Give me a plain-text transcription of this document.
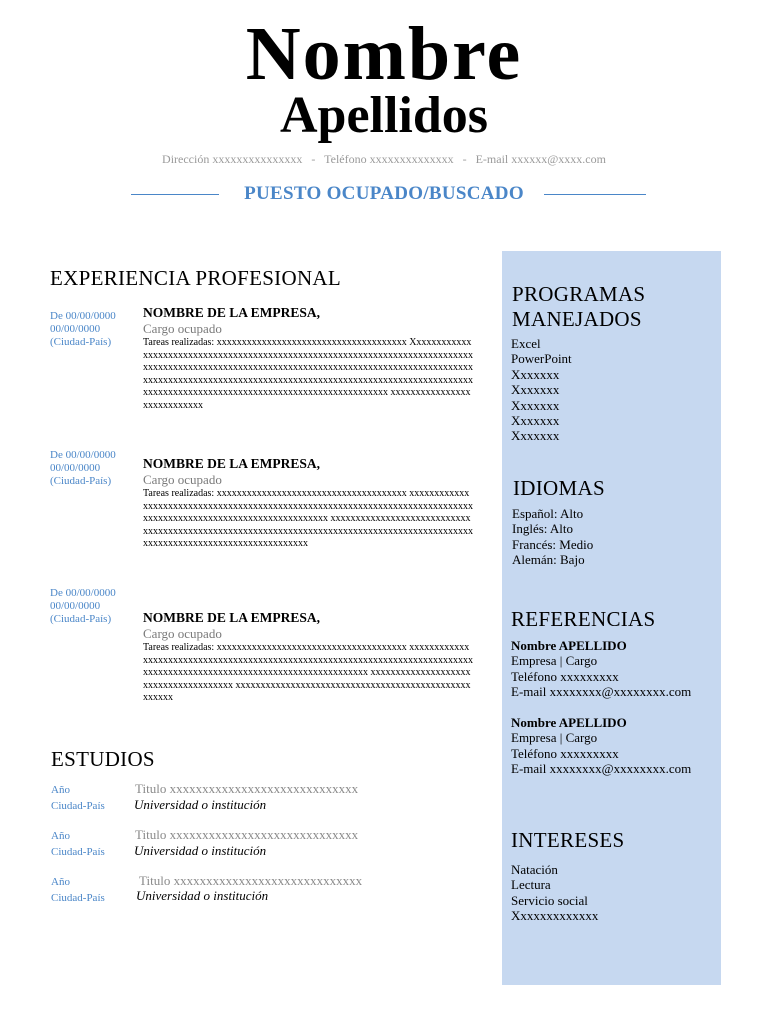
Nombre
Apellidos
Dirección xxxxxxxxxxxxxxx   -   Teléfono xxxxxxxxxxxxxx   -   E-mail xxxxxx@xxxx.com
PUESTO OCUPADO/BUSCADO
EXPERIENCIA PROFESIONAL
De 00/00/0000
00/00/0000
(Ciudad-País)
NOMBRE DE LA EMPRESA,
Cargo ocupado
Tareas realizadas: xxxxxxxxxxxxxxxxxxxxxxxxxxxxxxxxxxxxxx Xxxxxxxxxxxxxxxxxxxxxxxxxxxxxxxxxxxxxxxxxxxxxxxxxxxxxxxxxxxxxxxxxxxxxxxxxxxxxxxxxxxxxxxxxxxxxxxxxxxxxxxxxxxxxxxxxxxxxxxxxxxxxxxxxxxxxxxxxxxxxxxxxxxxxxxxxxxxxxxxxxxxxxxxxxxxxxxxxxxxxxxxxxxxxxxxxxxxxxxxxxxxxxxxxxxxxxxxxxxxxxxxxxxxxxxxxxxxxxxxxxxxxxxxxxxxxxxxxxx xxxxxxxxxxxxxxxxxxxxxxxxxxxx
De 00/00/0000
00/00/0000
(Ciudad-País)
NOMBRE DE LA EMPRESA,
Cargo ocupado
Tareas realizadas: xxxxxxxxxxxxxxxxxxxxxxxxxxxxxxxxxxxxxx xxxxxxxxxxxxxxxxxxxxxxxxxxxxxxxxxxxxxxxxxxxxxxxxxxxxxxxxxxxxxxxxxxxxxxxxxxxxxxxxxxxxxxxxxxxxxxxxxxxxxxxxxxxxxxxxxxx xxxxxxxxxxxxxxxxxxxxxxxxxxxxxxxxxxxxxxxxxxxxxxxxxxxxxxxxxxxxxxxxxxxxxxxxxxxxxxxxxxxxxxxxxxxxxxxxxxxxxxxxxxxxxxxxxxxxxxxxxxxxxxx
De 00/00/0000
00/00/0000
(Ciudad-País)	NOMBRE DE LA EMPRESA,
Cargo ocupado
Tareas realizadas: xxxxxxxxxxxxxxxxxxxxxxxxxxxxxxxxxxxxxx xxxxxxxxxxxxxxxxxxxxxxxxxxxxxxxxxxxxxxxxxxxxxxxxxxxxxxxxxxxxxxxxxxxxxxxxxxxxxxxxxxxxxxxxxxxxxxxxxxxxxxxxxxxxxxxxxxxxxxxxxxx xxxxxxxxxxxxxxxxxxxxxxxxxxxxxxxxxxxxxx xxxxxxxxxxxxxxxxxxxxxxxxxxxxxxxxxxxxxxxxxxxxxxxxxxxxx
ESTUDIOS
Año
Ciudad-País
Titulo xxxxxxxxxxxxxxxxxxxxxxxxxxxxx
Universidad o institución
Año
Ciudad-País
Titulo xxxxxxxxxxxxxxxxxxxxxxxxxxxxx
Universidad o institución
Año
Ciudad-País
Titulo xxxxxxxxxxxxxxxxxxxxxxxxxxxxx
Universidad o institución
PROGRAMAS
MANEJADOS
Excel
PowerPoint
Xxxxxxx
Xxxxxxx
Xxxxxxx
Xxxxxxx
Xxxxxxx
IDIOMAS
Español: Alto
Inglés: Alto
Francés: Medio
Alemán: Bajo
REFERENCIAS
Nombre APELLIDO
Empresa | Cargo
Teléfono xxxxxxxxx
E-mail xxxxxxxx@xxxxxxxx.com
Nombre APELLIDO
Empresa | Cargo
Teléfono xxxxxxxxx
E-mail xxxxxxxx@xxxxxxxx.com
INTERESES
Natación
Lectura
Servicio social
Xxxxxxxxxxxxx
